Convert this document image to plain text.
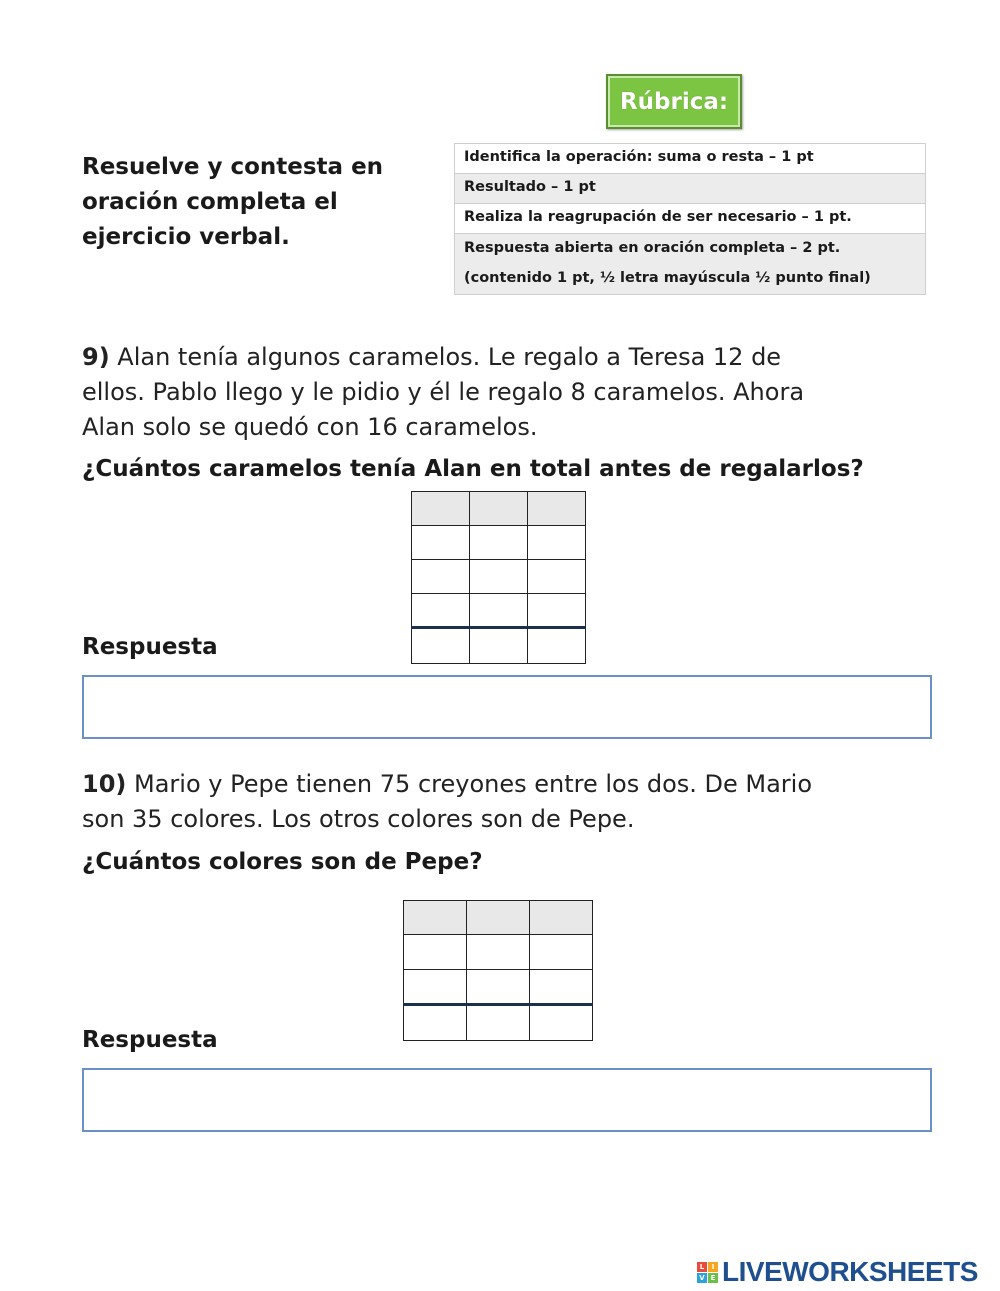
Rúbrica:
Resuelve y contesta en
oración completa el
ejercicio verbal.
Identifica la operación: suma o resta – 1 pt
Resultado – 1 pt
Realiza la reagrupación de ser necesario – 1 pt.
Respuesta abierta en oración completa – 2 pt.
(contenido 1 pt, ½ letra mayúscula ½ punto final)
9) Alan tenía algunos caramelos. Le regalo a Teresa 12 de
ellos. Pablo llego y le pidio y él le regalo 8 caramelos. Ahora
Alan solo se quedó con 16 caramelos.
¿Cuántos caramelos tenía Alan en total antes de regalarlos?

Respuesta
10) Mario y Pepe tienen 75 creyones entre los dos. De Mario
son 35 colores. Los otros colores son de Pepe.
¿Cuántos colores son de Pepe?

Respuesta
L	I
V E LIVEWORKSHEETS
